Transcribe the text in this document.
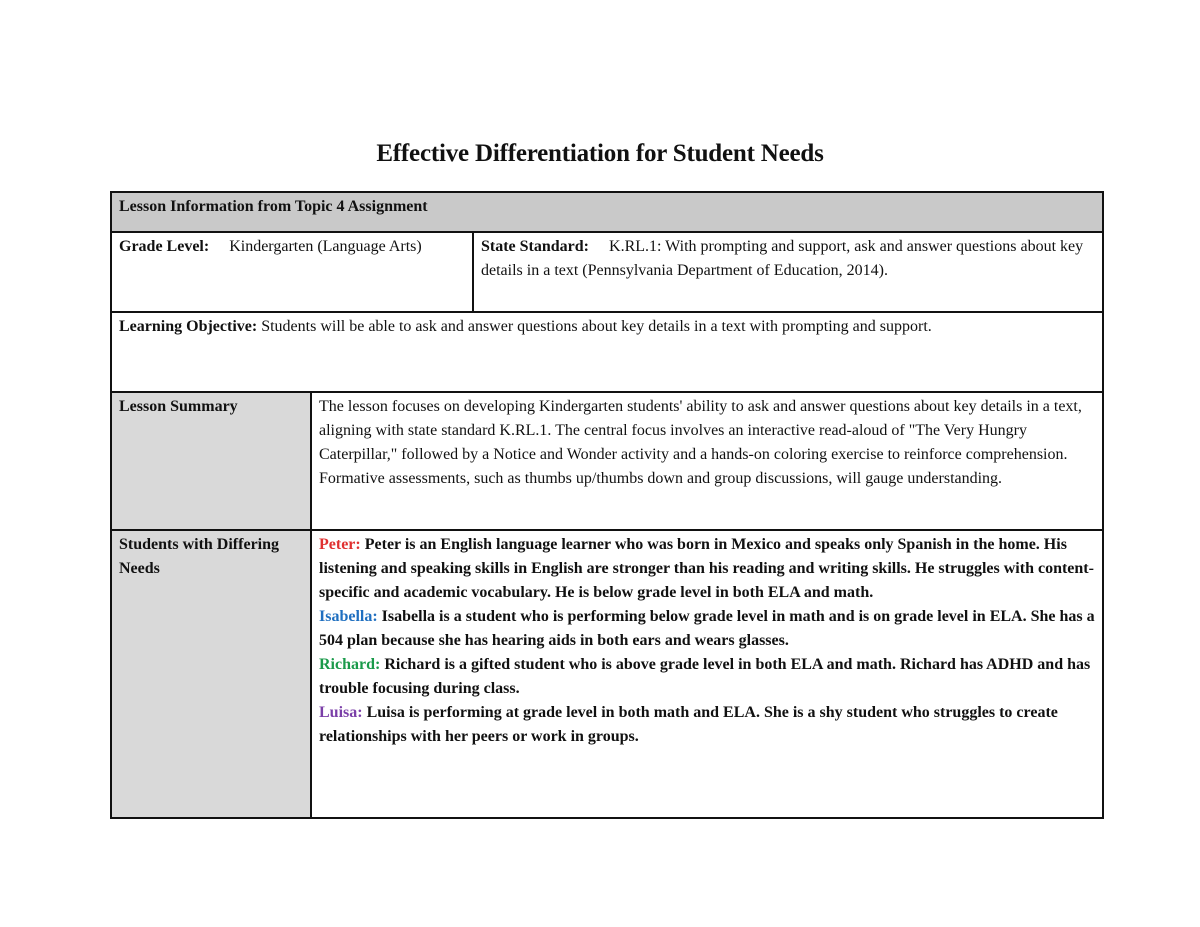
Effective Differentiation for Student Needs
Lesson Information from Topic 4 Assignment		
Grade Level: Kindergarten (Language Arts)		State Standard: K.RL.1: With prompting and support, ask and answer questions about key details in a text (Pennsylvania Department of Education, 2014).
Learning Objective: Students will be able to ask and answer questions about key details in a text with prompting and support.		
Lesson Summary	The lesson focuses on developing Kindergarten students' ability to ask and answer questions about key details in a text, aligning with state standard K.RL.1. The central focus involves an interactive read-aloud of "The Very Hungry Caterpillar," followed by a Notice and Wonder activity and a hands-on coloring exercise to reinforce comprehension. Formative assessments, such as thumbs up/thumbs down and group discussions, will gauge understanding.	
Students with Differing Needs	Peter: Peter is an English language learner who was born in Mexico and speaks only Spanish in the home. His listening and speaking skills in English are stronger than his reading and writing skills. He struggles with content-specific and academic vocabulary. He is below grade level in both ELA and math.
Isabella: Isabella is a student who is performing below grade level in math and is on grade level in ELA. She has a 504 plan because she has hearing aids in both ears and wears glasses.
Richard: Richard is a gifted student who is above grade level in both ELA and math. Richard has ADHD and has trouble focusing during class.
Luisa: Luisa is performing at grade level in both math and ELA. She is a shy student who struggles to create relationships with her peers or work in groups.	
